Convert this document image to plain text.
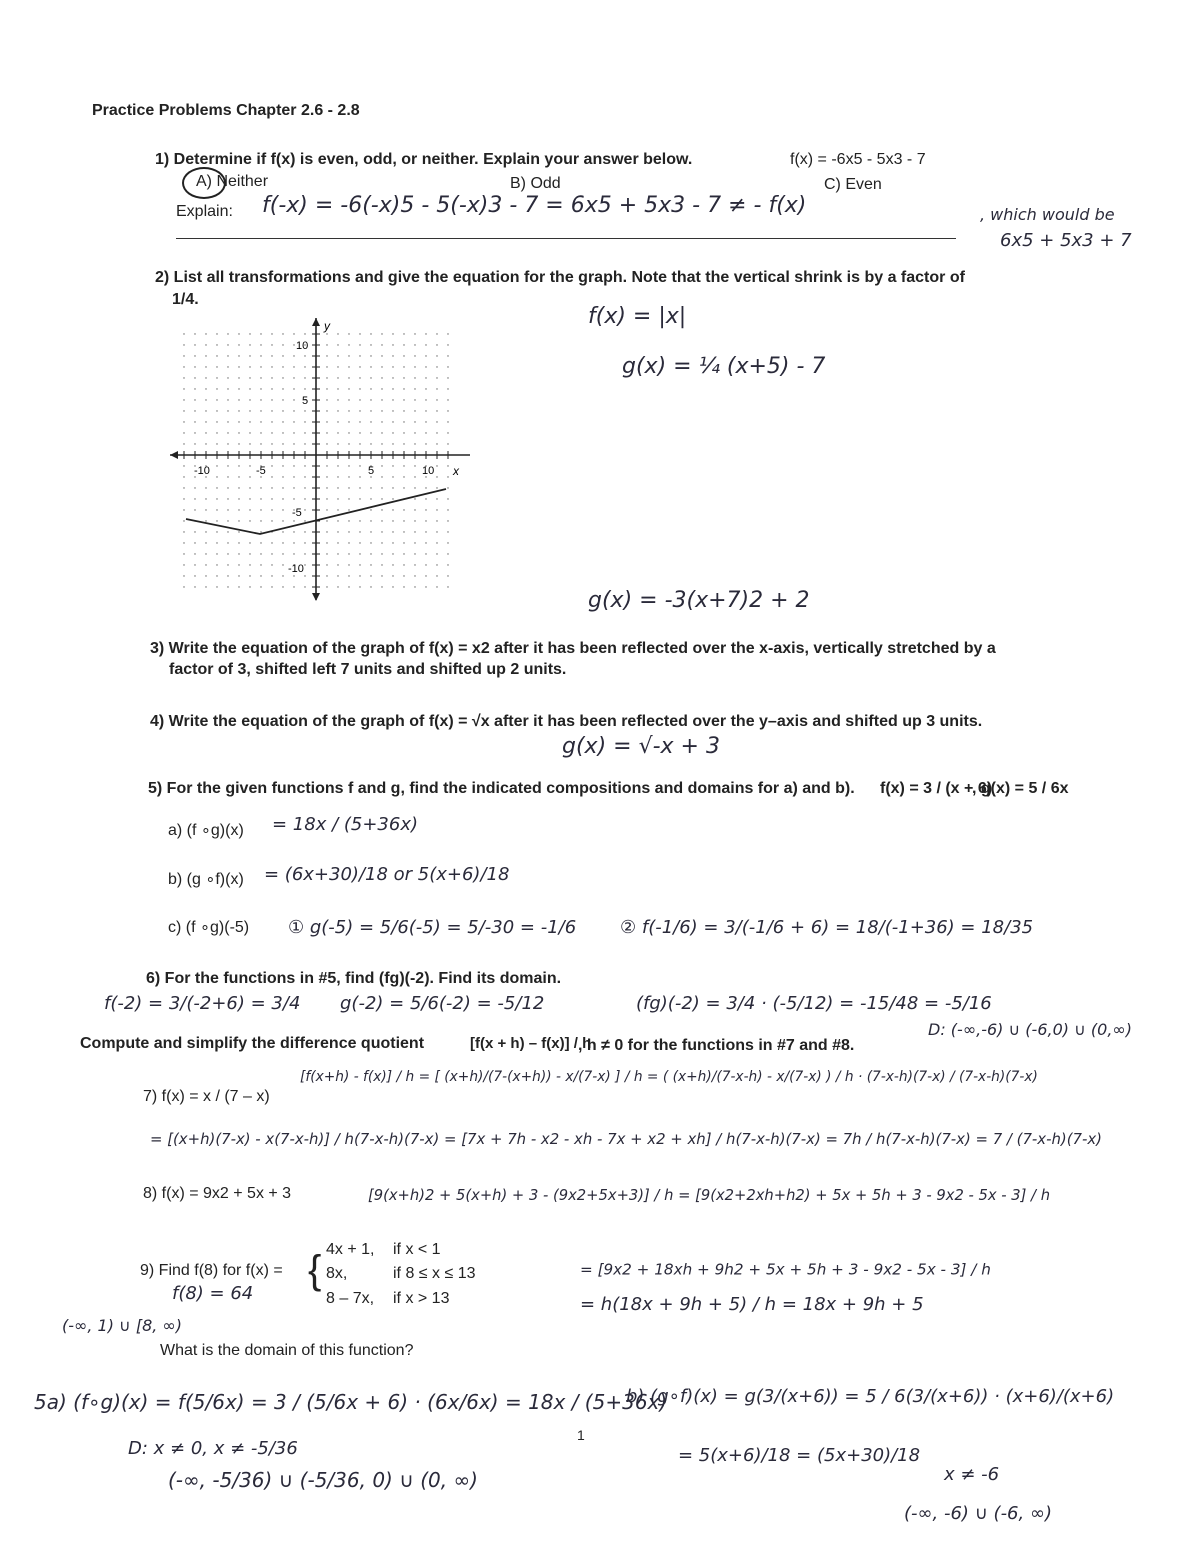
Practice Problems Chapter 2.6 - 2.8
1) Determine if f(x) is even, odd, or neither. Explain your answer below.	f(x) = -6x5 - 5x3 - 7
A) Neither	B) Odd	C) Even
Explain: f(-x) = -6(-x)5 - 5(-x)3 - 7 = 6x5 + 5x3 - 7 ≠ - f(x)	, which would be
6x5 + 5x3 + 7
2) List all transformations and give the equation for the graph. Note that the vertical shrink is by a factor of
1/4.
f(x) = |x|
g(x) = ¼ (x+5) - 7
x
y
-10	-5	5	10
10
5
-5
-10
g(x) = -3(x+7)2 + 2
3) Write the equation of the graph of f(x) = x2 after it has been reflected over the x-axis, vertically stretched by a
factor of 3, shifted left 7 units and shifted up 2 units.
4) Write the equation of the graph of f(x) = √x after it has been reflected over the y–axis and shifted up 3 units.
g(x) = √-x + 3
5) For the given functions f and g, find the indicated compositions and domains for a) and b). f(x) = 3 / (x + 6)
, g(x) = 5 / 6x
a) (f ∘g)(x) = 18x / (5+36x)
b) (g ∘f)(x) = (6x+30)/18 or 5(x+6)/18
c) (f ∘g)(-5) ① g(-5) = 5/6(-5) = 5/-30 = -1/6 ② f(-1/6) = 3/(-1/6 + 6) = 18/(-1+36) = 18/35
6) For the functions in #5, find (fg)(-2). Find its domain.
f(-2) = 3/(-2+6) = 3/4 g(-2) = 5/6(-2) = -5/12	(fg)(-2) = 3/4 · (-5/12) = -15/48 = -5/16
D: (-∞,-6) ∪ (-6,0) ∪ (0,∞)
Compute and simplify the difference quotient	[f(x + h) – f(x)] / h
, h ≠ 0 for the functions in #7 and #8.
7) f(x) = x / (7 – x)
[f(x+h) - f(x)] / h = [ (x+h)/(7-(x+h)) - x/(7-x) ] / h = ( (x+h)/(7-x-h) - x/(7-x) ) / h · (7-x-h)(7-x) / (7-x-h)(7-x)
= [(x+h)(7-x) - x(7-x-h)] / h(7-x-h)(7-x) = [7x + 7h - x2 - xh - 7x + x2 + xh] / h(7-x-h)(7-x) = 7h / h(7-x-h)(7-x) = 7 / (7-x-h)(7-x)
8) f(x) = 9x2 + 5x + 3	[9(x+h)2 + 5(x+h) + 3 - (9x2+5x+3)] / h = [9(x2+2xh+h2) + 5x + 5h + 3 - 9x2 - 5x - 3] / h
= [9x2 + 18xh + 9h2 + 5x + 5h + 3 - 9x2 - 5x - 3] / h
= h(18x + 9h + 5) / h = 18x + 9h + 5
9) Find f(8) for f(x) = { 4x + 1, if x < 1
8x,	if 8 ≤ x ≤ 13
8 – 7x, if x > 13
f(8) = 64
(-∞, 1) ∪ [8, ∞)
What is the domain of this function?
5a) (f∘g)(x) = f(5/6x) = 3 / (5/6x + 6) · (6x/6x) = 18x / (5+36x)
D: x ≠ 0, x ≠ -5/36
(-∞, -5/36) ∪ (-5/36, 0) ∪ (0, ∞)
1
b) (g∘f)(x) = g(3/(x+6)) = 5 / 6(3/(x+6)) · (x+6)/(x+6)
= 5(x+6)/18 = (5x+30)/18
x ≠ -6
(-∞, -6) ∪ (-6, ∞)
